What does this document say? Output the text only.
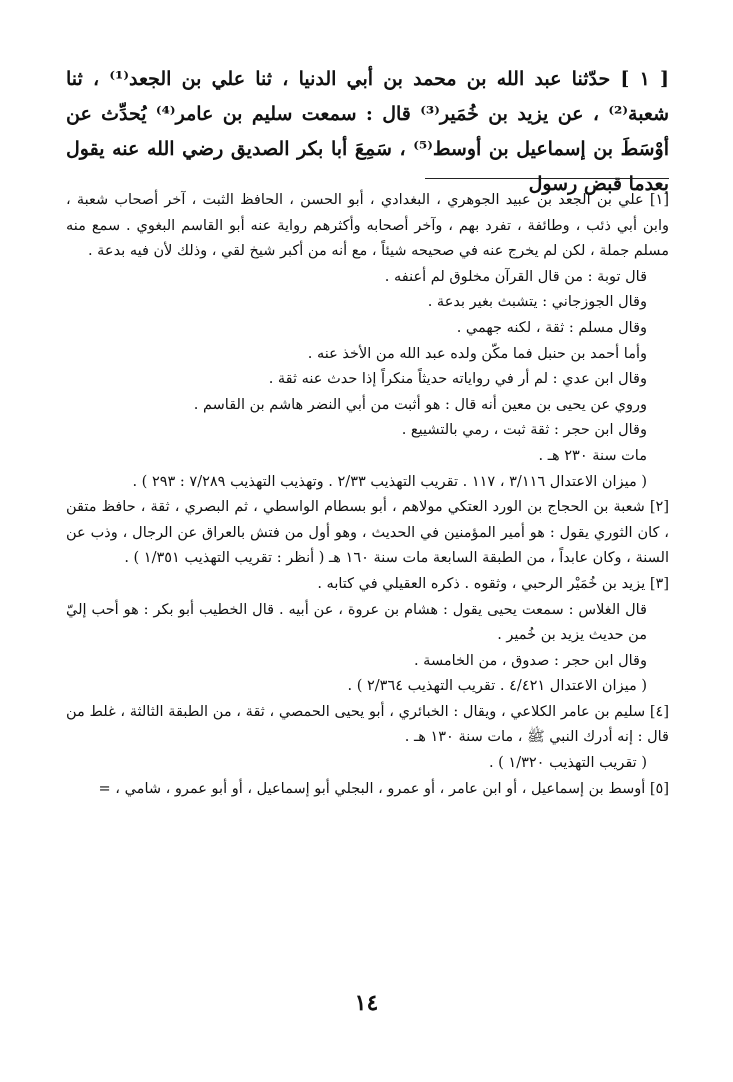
[ ١ ] حدّثنا عبد الله بن محمد بن أبي الدنيا ، ثنا علي بن الجعد⁽¹⁾ ، ثنا شعبة⁽²⁾ ، عن يزيد بن خُمَير⁽³⁾ قال : سمعت سليم بن عامر⁽⁴⁾ يُحدِّث عن أوْسَطَ بن إسماعيل بن أوسط⁽⁵⁾ ، سَمِعَ أبا بكر الصديق رضي الله عنه يقول بعدما قبض رسول

[١] علي بن الجعد بن عبيد الجوهري ، البغدادي ، أبو الحسن ، الحافظ الثبت ، آخر أصحاب شعبة ، وابن أبي ذئب ، وطائفة ، تفرد بهم ، وآخر أصحابه وأكثرهم رواية عنه أبو القاسم البغوي . سمع منه مسلم جملة ، لكن لم يخرج عنه في صحيحه شيئاً ، مع أنه من أكبر شيخ لقي ، وذلك لأن فيه بدعة .

قال توبة : من قال القرآن مخلوق لم أعنفه .

وقال الجوزجاني : يتشبث بغير بدعة .

وقال مسلم : ثقة ، لكنه جهمي .

وأما أحمد بن حنبل فما مكّن ولده عبد الله من الأخذ عنه .

وقال ابن عدي : لم أر في رواياته حديثاً منكراً إذا حدث عنه ثقة .

وروي عن يحيى بن معين أنه قال : هو أثبت من أبي النضر هاشم بن القاسم .

وقال ابن حجر : ثقة ثبت ، رمي بالتشييع .

مات سنة ٢٣٠ هـ .

( ميزان الاعتدال ٣/١١٦ ، ١١٧ . تقريب التهذيب ٢/٣٣ . وتهذيب التهذيب ٧/٢٨٩ : ٢٩٣ ) .

[٢] شعبة بن الحجاج بن الورد العتكي مولاهم ، أبو بسطام الواسطي ، ثم البصري ، ثقة ، حافظ متقن ، كان الثوري يقول : هو أمير المؤمنين في الحديث ، وهو أول من فتش بالعراق عن الرجال ، وذب عن السنة ، وكان عابداً ، من الطبقة السابعة مات سنة ١٦٠ هـ ( أنظر : تقريب التهذيب ١/٣٥١ ) .

[٣] يزيد بن خُمَيْر الرحبي ، وثقوه . ذكره العقيلي في كتابه .

قال الغلاس : سمعت يحيى يقول : هشام بن عروة ، عن أبيه . قال الخطيب أبو بكر : هو أحب إليّ من حديث يزيد بن خُمير .

وقال ابن حجر : صدوق ، من الخامسة .

( ميزان الاعتدال ٤/٤٢١ . تقريب التهذيب ٢/٣٦٤ ) .

[٤] سليم بن عامر الكلاعي ، ويقال : الخبائري ، أبو يحيى الحمصي ، ثقة ، من الطبقة الثالثة ، غلط من قال : إنه أدرك النبي ﷺ ، مات سنة ١٣٠ هـ .

( تقريب التهذيب ١/٣٢٠ ) .

[٥] أوسط بن إسماعيل ، أو ابن عامر ، أو عمرو ، البجلي أبو إسماعيل ، أو أبو عمرو ، شامي ، =

١٤
